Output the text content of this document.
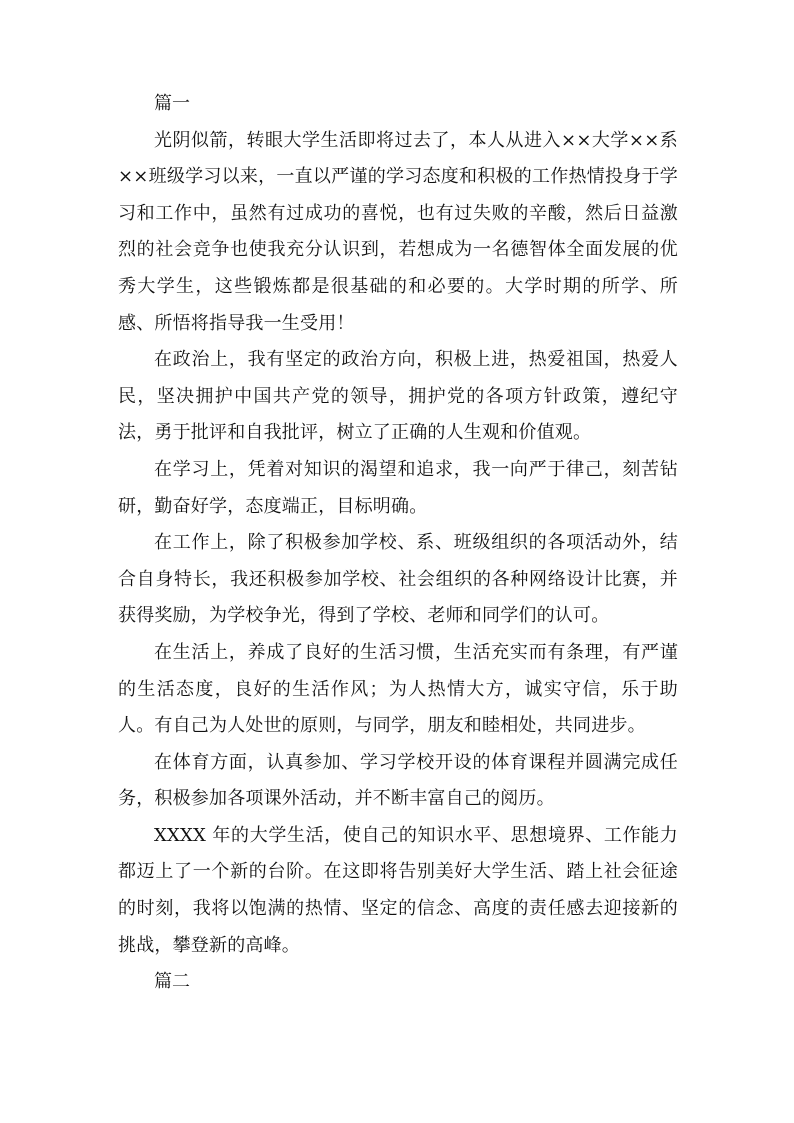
篇一

光阴似箭，转眼大学生活即将过去了，本人从进入××大学××系××班级学习以来，一直以严谨的学习态度和积极的工作热情投身于学习和工作中，虽然有过成功的喜悦，也有过失败的辛酸，然后日益激烈的社会竞争也使我充分认识到，若想成为一名德智体全面发展的优秀大学生，这些锻炼都是很基础的和必要的。大学时期的所学、所感、所悟将指导我一生受用！

在政治上，我有坚定的政治方向，积极上进，热爱祖国，热爱人民，坚决拥护中国共产党的领导，拥护党的各项方针政策，遵纪守法，勇于批评和自我批评，树立了正确的人生观和价值观。

在学习上，凭着对知识的渴望和追求，我一向严于律己，刻苦钻研，勤奋好学，态度端正，目标明确。

在工作上，除了积极参加学校、系、班级组织的各项活动外，结合自身特长，我还积极参加学校、社会组织的各种网络设计比赛，并获得奖励，为学校争光，得到了学校、老师和同学们的认可。

在生活上，养成了良好的生活习惯，生活充实而有条理，有严谨的生活态度，良好的生活作风；为人热情大方，诚实守信，乐于助人。有自己为人处世的原则，与同学，朋友和睦相处，共同进步。

在体育方面，认真参加、学习学校开设的体育课程并圆满完成任务，积极参加各项课外活动，并不断丰富自己的阅历。

XXXX 年的大学生活，使自己的知识水平、思想境界、工作能力都迈上了一个新的台阶。在这即将告别美好大学生活、踏上社会征途的时刻，我将以饱满的热情、坚定的信念、高度的责任感去迎接新的挑战，攀登新的高峰。

篇二
